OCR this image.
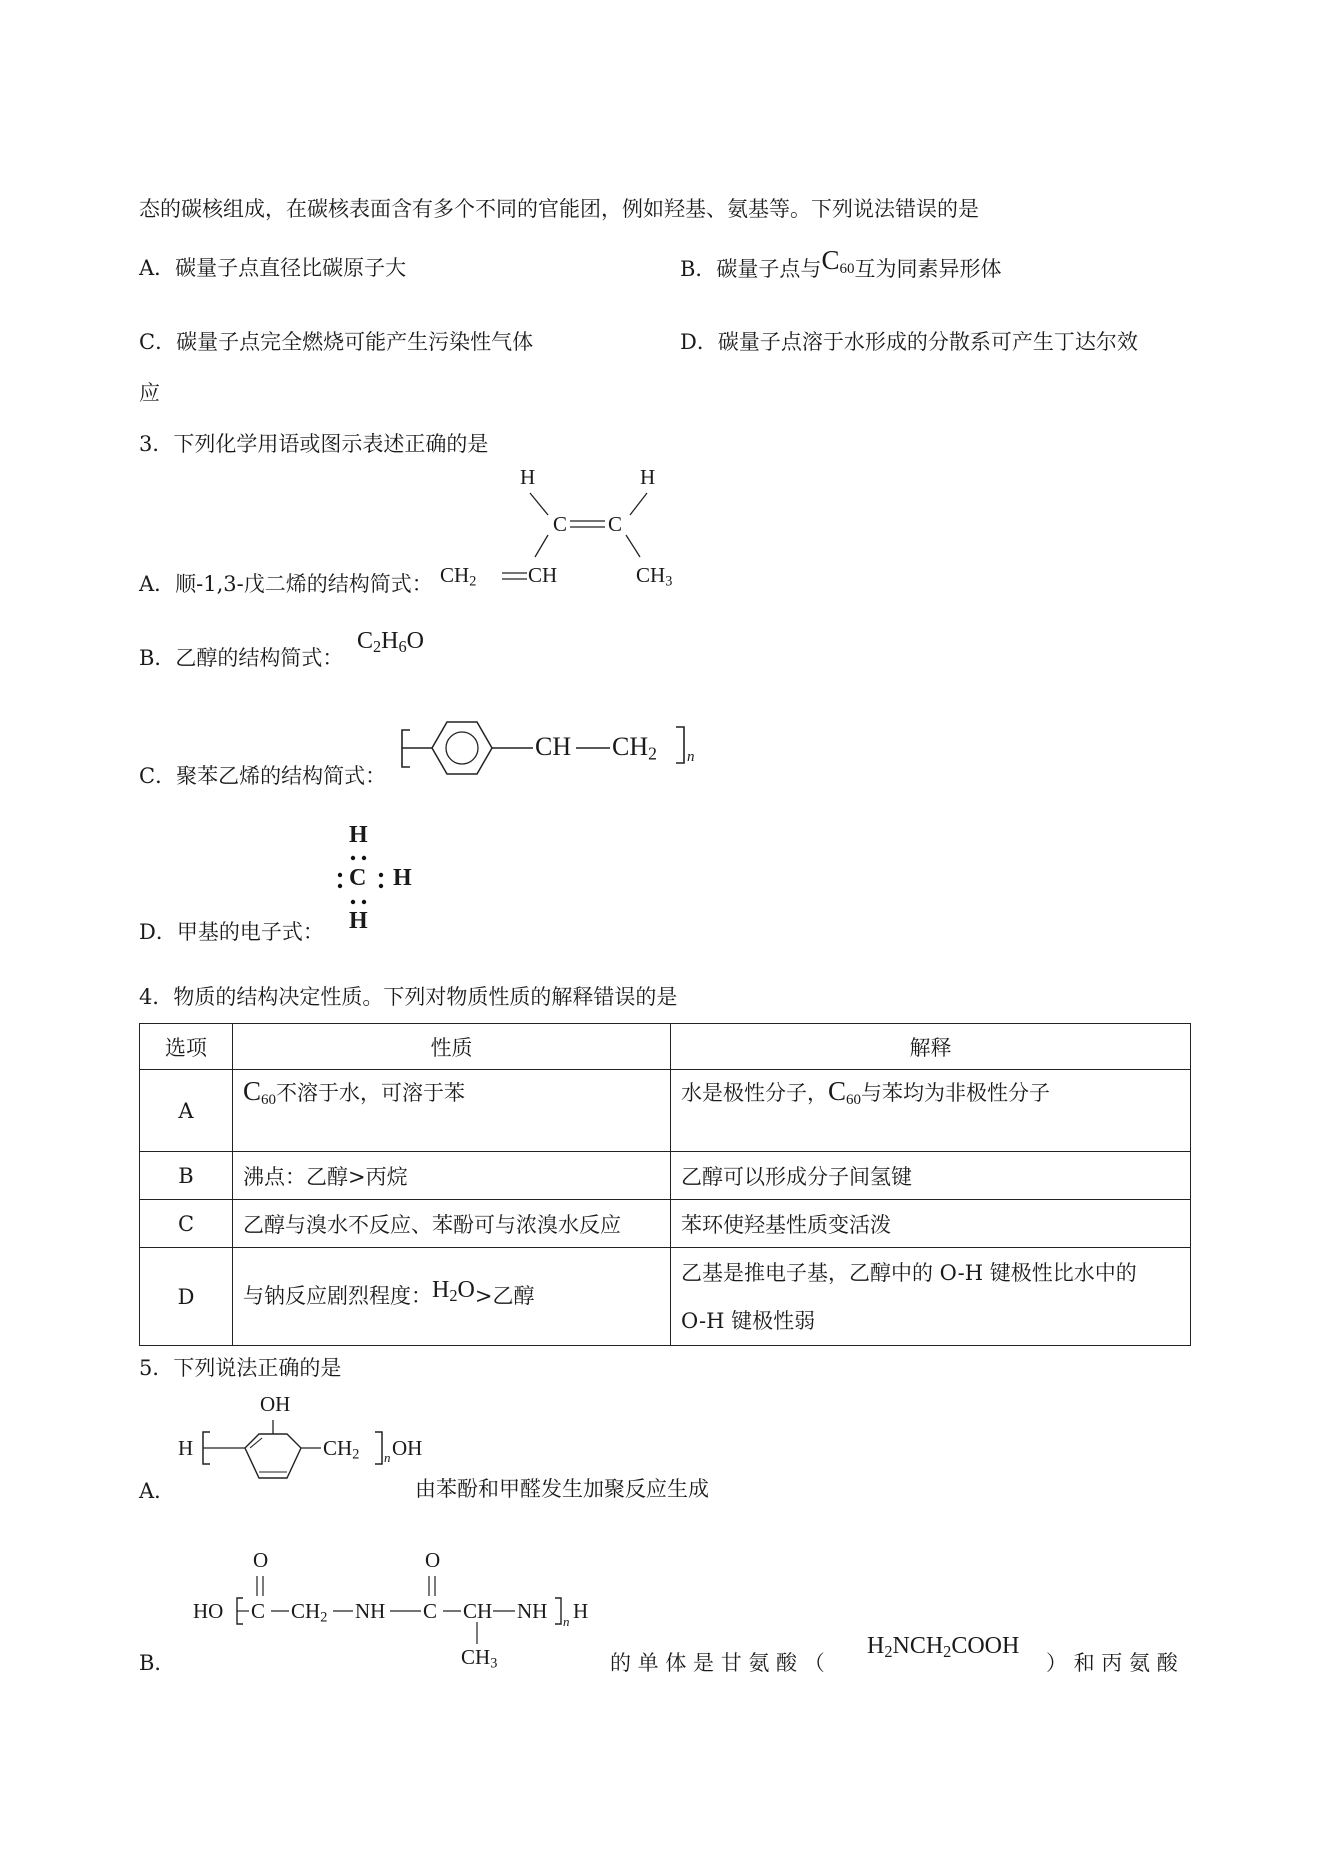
态的碳核组成，在碳核表面含有多个不同的官能团，例如羟基、氨基等。下列说法错误的是
A．碳量子点直径比碳原子大	B．碳量子点与$C_{60}$互为同素异形体
C．碳量子点完全燃烧可能产生污染性气体	D．碳量子点溶于水形成的分散系可产生丁达尔效
应
3．下列化学用语或图示表述正确的是
A．顺-1,3-戊二烯的结构简式：
H	H
C C
$CH_2$ CH	$CH_3$
B．乙醇的结构简式：
$C_2H_6O$
C．聚苯乙烯的结构简式：
CH $CH_2$ n
D．甲基的电子式：
H
C H
H
4．物质的结构决定性质。下列对物质性质的解释错误的是
选项	性质	解释
A	$C_{60}$不溶于水，可溶于苯	水是极性分子，$C_{60}$与苯均为非极性分子
B	沸点：乙醇>丙烷	乙醇可以形成分子间氢键
C	乙醇与溴水不反应、苯酚可与浓溴水反应	苯环使羟基性质变活泼
D	与钠反应剧烈程度：$H_2O>$乙醇	乙基是推电子基，乙醇中的 O-H 键极性比水中的
O-H 键极性弱
5．下列说法正确的是
A．
OH
H	$CH_2$ n OH
由苯酚和甲醛发生加聚反应生成
B．
O	O
HO C $CH_2$ NH C CH NH n H
$CH_3$	的 单 体 是 甘 氨 酸 （
$H_2NCH_2COOH$
） 和 丙 氨 酸
